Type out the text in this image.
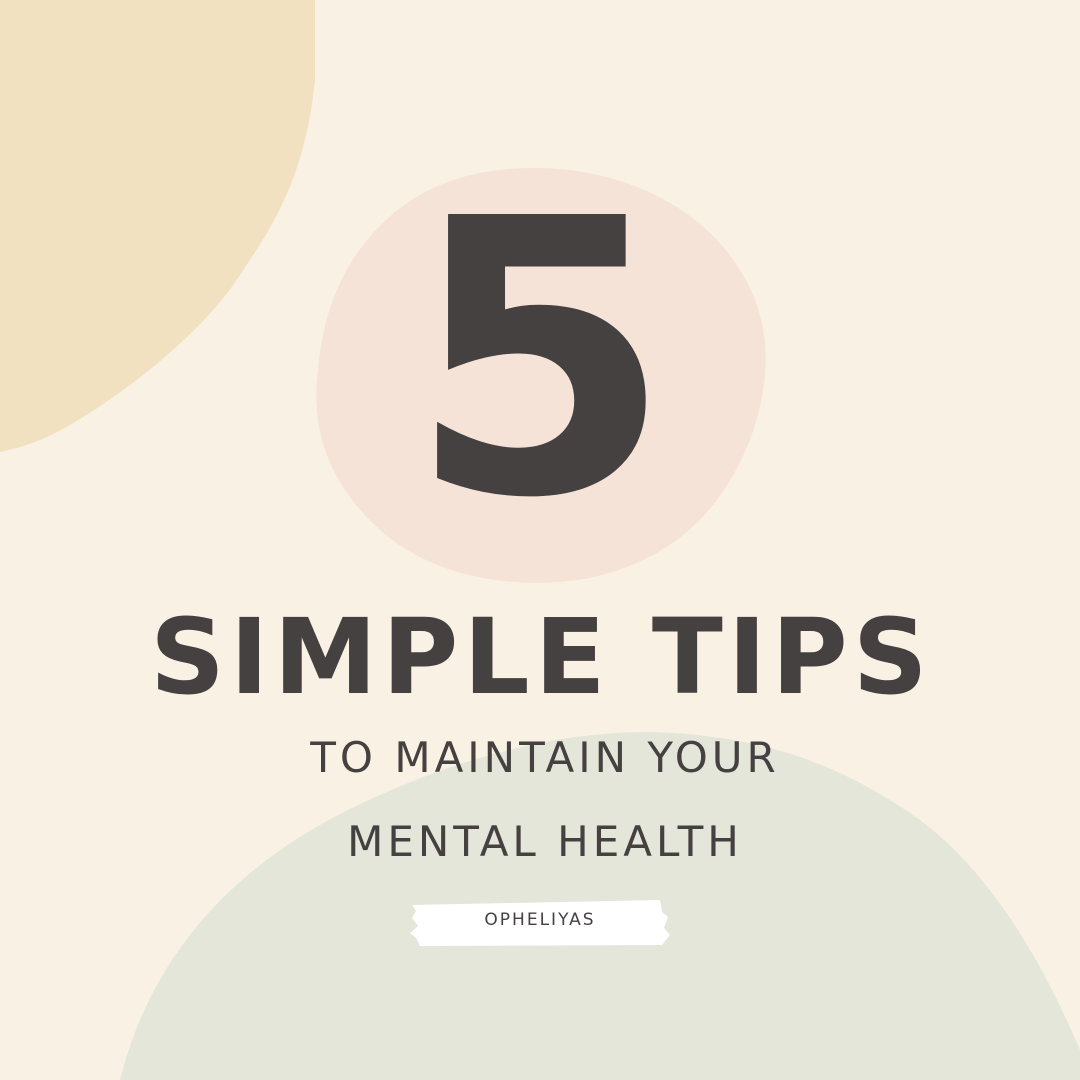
5
SIMPLE TIPS
TO MAINTAIN YOUR
MENTAL HEALTH
OPHELIYAS
